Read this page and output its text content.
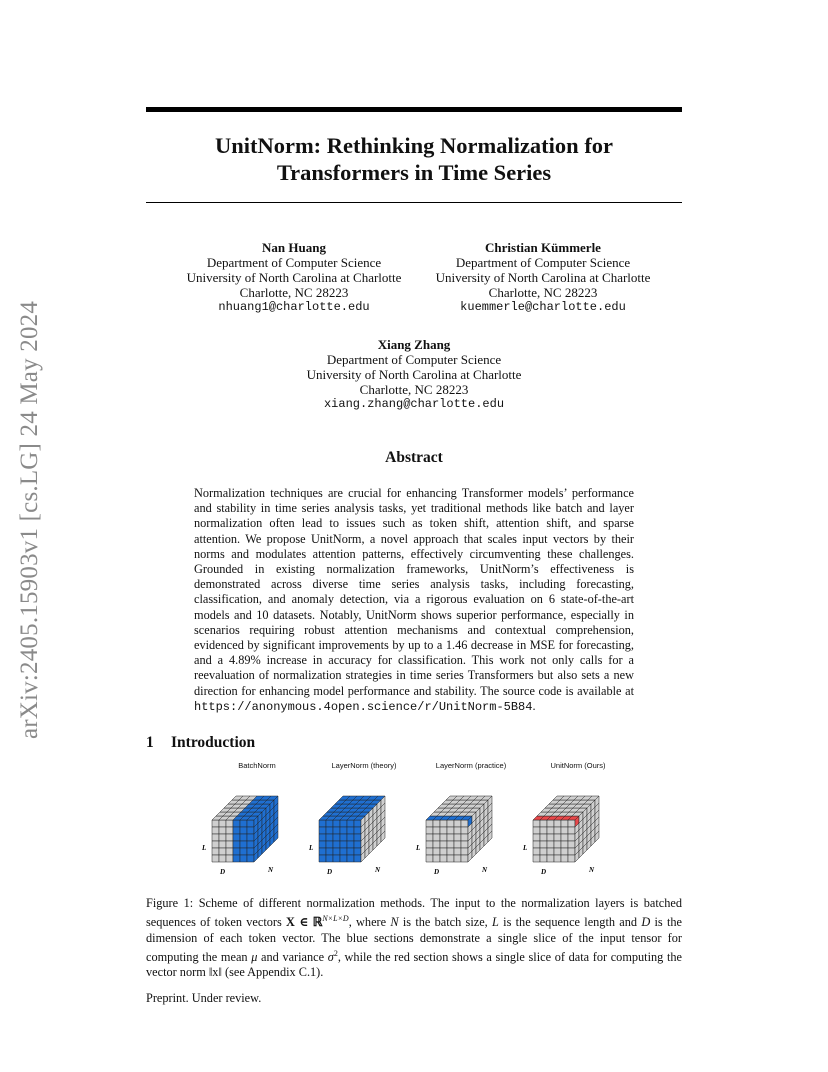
arXiv:2405.15903v1 [cs.LG] 24 May 2024
UnitNorm: Rethinking Normalization for
Transformers in Time Series
Nan Huang
Department of Computer Science
University of North Carolina at Charlotte
Charlotte, NC 28223
nhuang1@charlotte.edu
Christian Kümmerle
Department of Computer Science
University of North Carolina at Charlotte
Charlotte, NC 28223
kuemmerle@charlotte.edu
Xiang Zhang
Department of Computer Science
University of North Carolina at Charlotte
Charlotte, NC 28223
xiang.zhang@charlotte.edu
Abstract
Normalization techniques are crucial for enhancing Transformer models’ performance and stability in time series analysis tasks, yet traditional methods like batch and layer normalization often lead to issues such as token shift, attention shift, and sparse attention. We propose UnitNorm, a novel approach that scales input vectors by their norms and modulates attention patterns, effectively circumventing these challenges. Grounded in existing normalization frameworks, UnitNorm’s effectiveness is demonstrated across diverse time series analysis tasks, including forecasting, classification, and anomaly detection, via a rigorous evaluation on 6 state-of-the-art models and 10 datasets. Notably, UnitNorm shows superior performance, especially in scenarios requiring robust attention mechanisms and contextual comprehension, evidenced by significant improvements by up to a 1.46 decrease in MSE for forecasting, and a 4.89% increase in accuracy for classification. This work not only calls for a reevaluation of normalization strategies in time series Transformers but also sets a new direction for enhancing model performance and stability. The source code is available at https://anonymous.4open.science/r/UnitNorm-5B84.
1 Introduction
BatchNorm	LayerNorm (theory)	LayerNorm (practice)	UnitNorm (Ours)
L
D	N
L
D	N
L
D	N
L
D	N
Figure 1: Scheme of different normalization methods. The input to the normalization layers is batched sequences of token vectors X ∈ ℝ$^{N\times L\times D}$, where N is the batch size, L is the sequence length and D is the dimension of each token vector. The blue sections demonstrate a single slice of the input tensor for computing the mean μ and variance $\sigma^2$, while the red section shows a single slice of data for computing the vector norm ‖x‖ (see Appendix C.1).
Preprint. Under review.
